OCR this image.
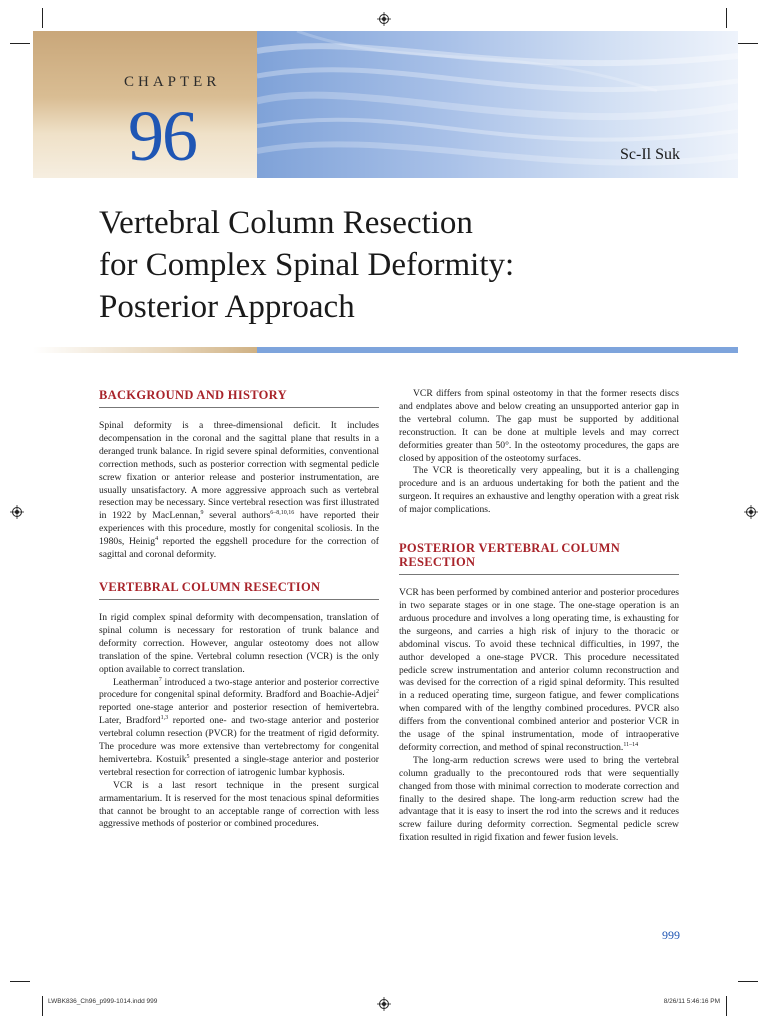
CHAPTER
96	Sc-Il Suk
Vertebral Column Resection
for Complex Spinal Deformity:
Posterior Approach
BACKGROUND AND HISTORY

Spinal deformity is a three-dimensional deficit. It includes decompensation in the coronal and the sagittal plane that results in a deranged trunk balance. In rigid severe spinal deformities, conventional correction methods, such as posterior correction with segmental pedicle screw fixation or anterior release and posterior instrumentation, are usually unsatisfactory. A more aggressive approach such as vertebral resection may be necessary. Since vertebral resection was first illustrated in 1922 by MacLennan,$^9$ several authors$^{6-8,10,16}$ have reported their experiences with this procedure, mostly for congenital scoliosis. In the 1980s, Heinig$^4$ reported the eggshell procedure for the correction of sagittal and coronal deformity.

VERTEBRAL COLUMN RESECTION

In rigid complex spinal deformity with decompensation, translation of spinal column is necessary for restoration of trunk balance and deformity correction. However, angular osteotomy does not allow translation of the spine. Vertebral column resection (VCR) is the only option available to correct translation.

Leatherman$^7$ introduced a two-stage anterior and posterior corrective procedure for congenital spinal deformity. Bradford and Boachie-Adjei$^2$ reported one-stage anterior and posterior resection of hemivertebra. Later, Bradford$^{1,3}$ reported one- and two-stage anterior and posterior vertebral column resection (PVCR) for the treatment of rigid deformity. The procedure was more extensive than vertebrectomy for congenital hemivertebra. Kostuik$^5$ presented a single-stage anterior and posterior vertebral resection for correction of iatrogenic lumbar kyphosis.

VCR is a last resort technique in the present surgical armamentarium. It is reserved for the most tenacious spinal deformities that cannot be brought to an acceptable range of correction with less aggressive methods of posterior or combined procedures.

VCR differs from spinal osteotomy in that the former resects discs and endplates above and below creating an unsupported anterior gap in the vertebral column. The gap must be supported by additional reconstruction. It can be done at multiple levels and may correct deformities greater than 50°. In the osteotomy procedures, the gaps are closed by apposition of the osteotomy surfaces.

The VCR is theoretically very appealing, but it is a challenging procedure and is an arduous undertaking for both the patient and the surgeon. It requires an exhaustive and lengthy operation with a great risk of major complications.

POSTERIOR VERTEBRAL COLUMN RESECTION

VCR has been performed by combined anterior and posterior procedures in two separate stages or in one stage. The one-stage operation is an arduous procedure and involves a long operating time, is exhausting for the surgeons, and carries a high risk of injury to the thoracic or abdominal viscus. To avoid these technical difficulties, in 1997, the author developed a one-stage PVCR. This procedure necessitated pedicle screw instrumentation and anterior column reconstruction and was devised for the correction of a rigid spinal deformity. This resulted in a reduced operating time, surgeon fatigue, and fewer complications when compared with of the lengthy combined procedures. PVCR also differs from the conventional combined anterior and posterior VCR in the usage of the spinal instrumentation, mode of intraoperative deformity correction, and method of spinal reconstruction.$^{11-14}$

The long-arm reduction screws were used to bring the vertebral column gradually to the precontoured rods that were sequentially changed from those with minimal correction to moderate correction and finally to the desired shape. The long-arm reduction screw had the advantage that it is easy to insert the rod into the screws and it reduces screw failure during deformity correction. Segmental pedicle screw fixation resulted in rigid fixation and fewer fusion levels.

999
LWBK836_Ch96_p999-1014.indd 999	8/26/11 5:46:16 PM
